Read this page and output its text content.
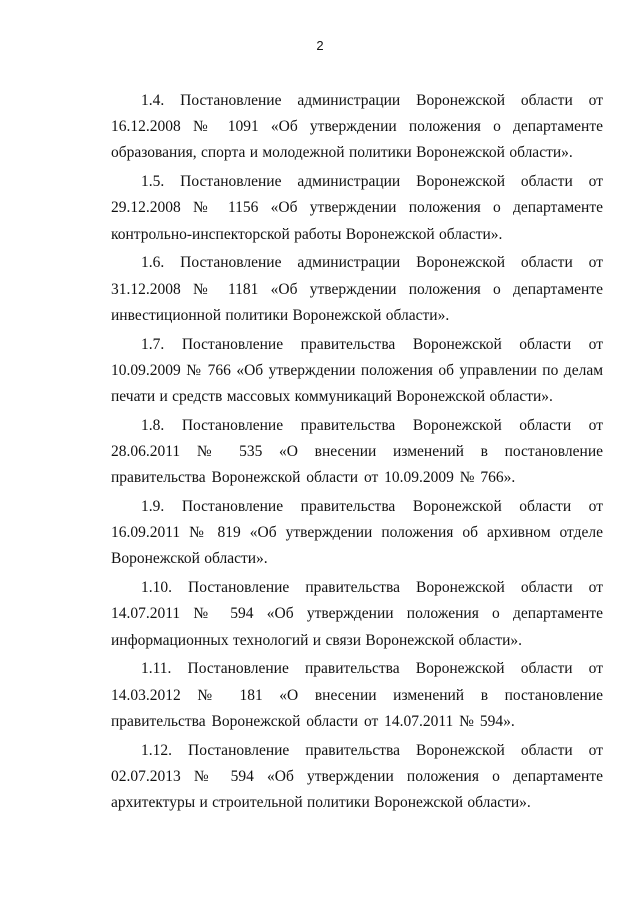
2

1.4. Постановление администрации Воронежской области от 16.12.2008 № 1091 «Об утверждении положения о департаменте образования, спорта и молодежной политики Воронежской области».

1.5. Постановление администрации Воронежской области от 29.12.2008 № 1156 «Об утверждении положения о департаменте контрольно-инспекторской работы Воронежской области».

1.6. Постановление администрации Воронежской области от 31.12.2008 № 1181 «Об утверждении положения о департаменте инвестиционной политики Воронежской области».

1.7. Постановление правительства Воронежской области от 10.09.2009 № 766 «Об утверждении положения об управлении по делам печати и средств массовых коммуникаций Воронежской области».

1.8. Постановление правительства Воронежской области от 28.06.2011 № 535 «О внесении изменений в постановление правительства Воронежской области от 10.09.2009 № 766».

1.9. Постановление правительства Воронежской области от 16.09.2011 № 819 «Об утверждении положения об архивном отделе Воронежской области».

1.10. Постановление правительства Воронежской области от 14.07.2011 № 594 «Об утверждении положения о департаменте информационных технологий и связи Воронежской области».

1.11. Постановление правительства Воронежской области от 14.03.2012 № 181 «О внесении изменений в постановление правительства Воронежской области от 14.07.2011 № 594».

1.12. Постановление правительства Воронежской области от 02.07.2013 № 594 «Об утверждении положения о департаменте архитектуры и строительной политики Воронежской области».
